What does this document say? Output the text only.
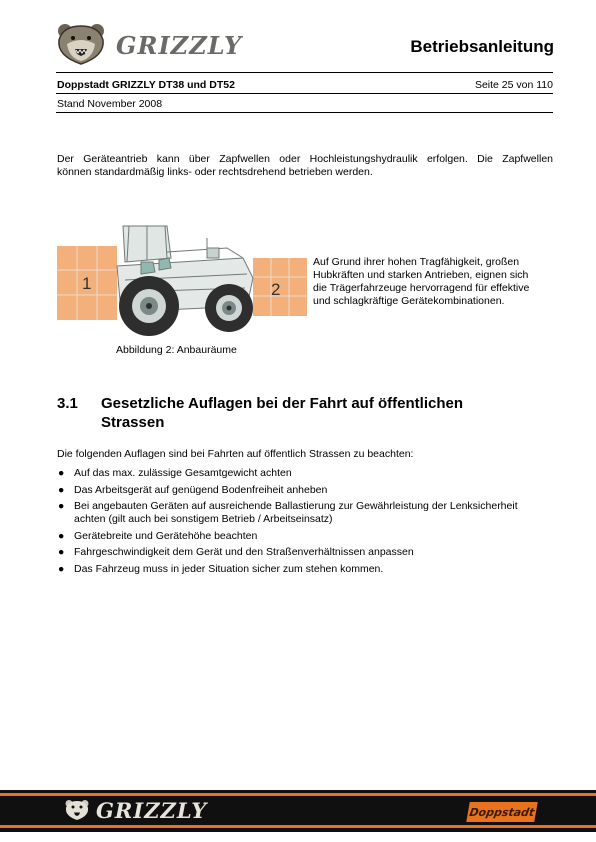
GRIZZLY	Betriebsanleitung
Doppstadt GRIZZLY DT38 und DT52	Seite 25 von 110
Stand November 2008
Der Geräteantrieb kann über Zapfwellen oder Hochleistungshydraulik erfolgen. Die Zapfwellen
können standardmäßig links- oder rechtsdrehend betrieben werden.
1	2
Auf Grund ihrer hohen Tragfähigkeit, großen
Hubkräften und starken Antrieben, eignen sich
die Trägerfahrzeuge hervorragend für effektive
und schlagkräftige Gerätekombinationen.
Abbildung 2: Anbauräume
3.1 Gesetzliche Auflagen bei der Fahrt auf öffentlichen
Strassen
Die folgenden Auflagen sind bei Fahrten auf öffentlich Strassen zu beachten:
● Auf das max. zulässige Gesamtgewicht achten
● Das Arbeitsgerät auf genügend Bodenfreiheit anheben
● Bei angebauten Geräten auf ausreichende Ballastierung zur Gewährleistung der Lenksicherheit achten (gilt auch bei sonstigem Betrieb / Arbeitseinsatz)
● Gerätebreite und Gerätehöhe beachten
● Fahrgeschwindigkeit dem Gerät und den Straßenverhältnissen anpassen
● Das Fahrzeug muss in jeder Situation sicher zum stehen kommen.
GRIZZLY	Doppstadt
